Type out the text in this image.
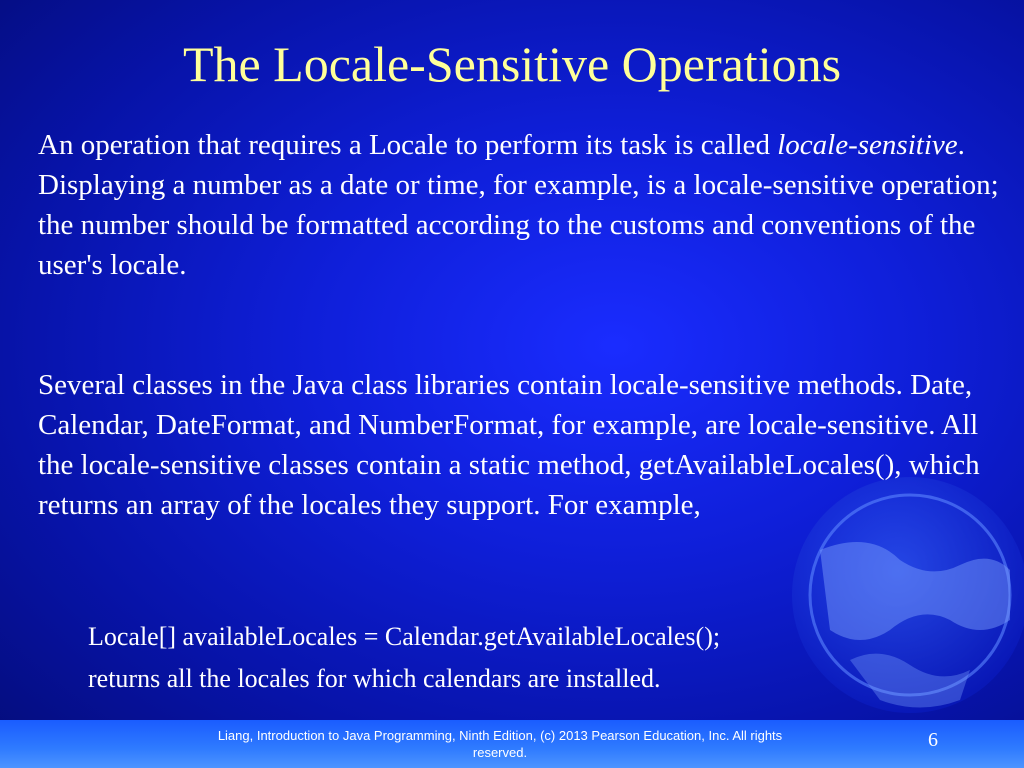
The Locale-Sensitive Operations

An operation that requires a Locale to perform its task is called locale-sensitive. Displaying a number as a date or time, for example, is a locale-sensitive operation; the number should be formatted according to the customs and conventions of the user's locale.

Several classes in the Java class libraries contain locale-sensitive methods. Date, Calendar, DateFormat, and NumberFormat, for example, are locale-sensitive. All the locale-sensitive classes contain a static method, getAvailableLocales(), which returns an array of the locales they support. For example,

Locale[] availableLocales = Calendar.getAvailableLocales();

returns all the locales for which calendars are installed.

Liang, Introduction to Java Programming, Ninth Edition, (c) 2013 Pearson Education, Inc. All rights reserved.
6
